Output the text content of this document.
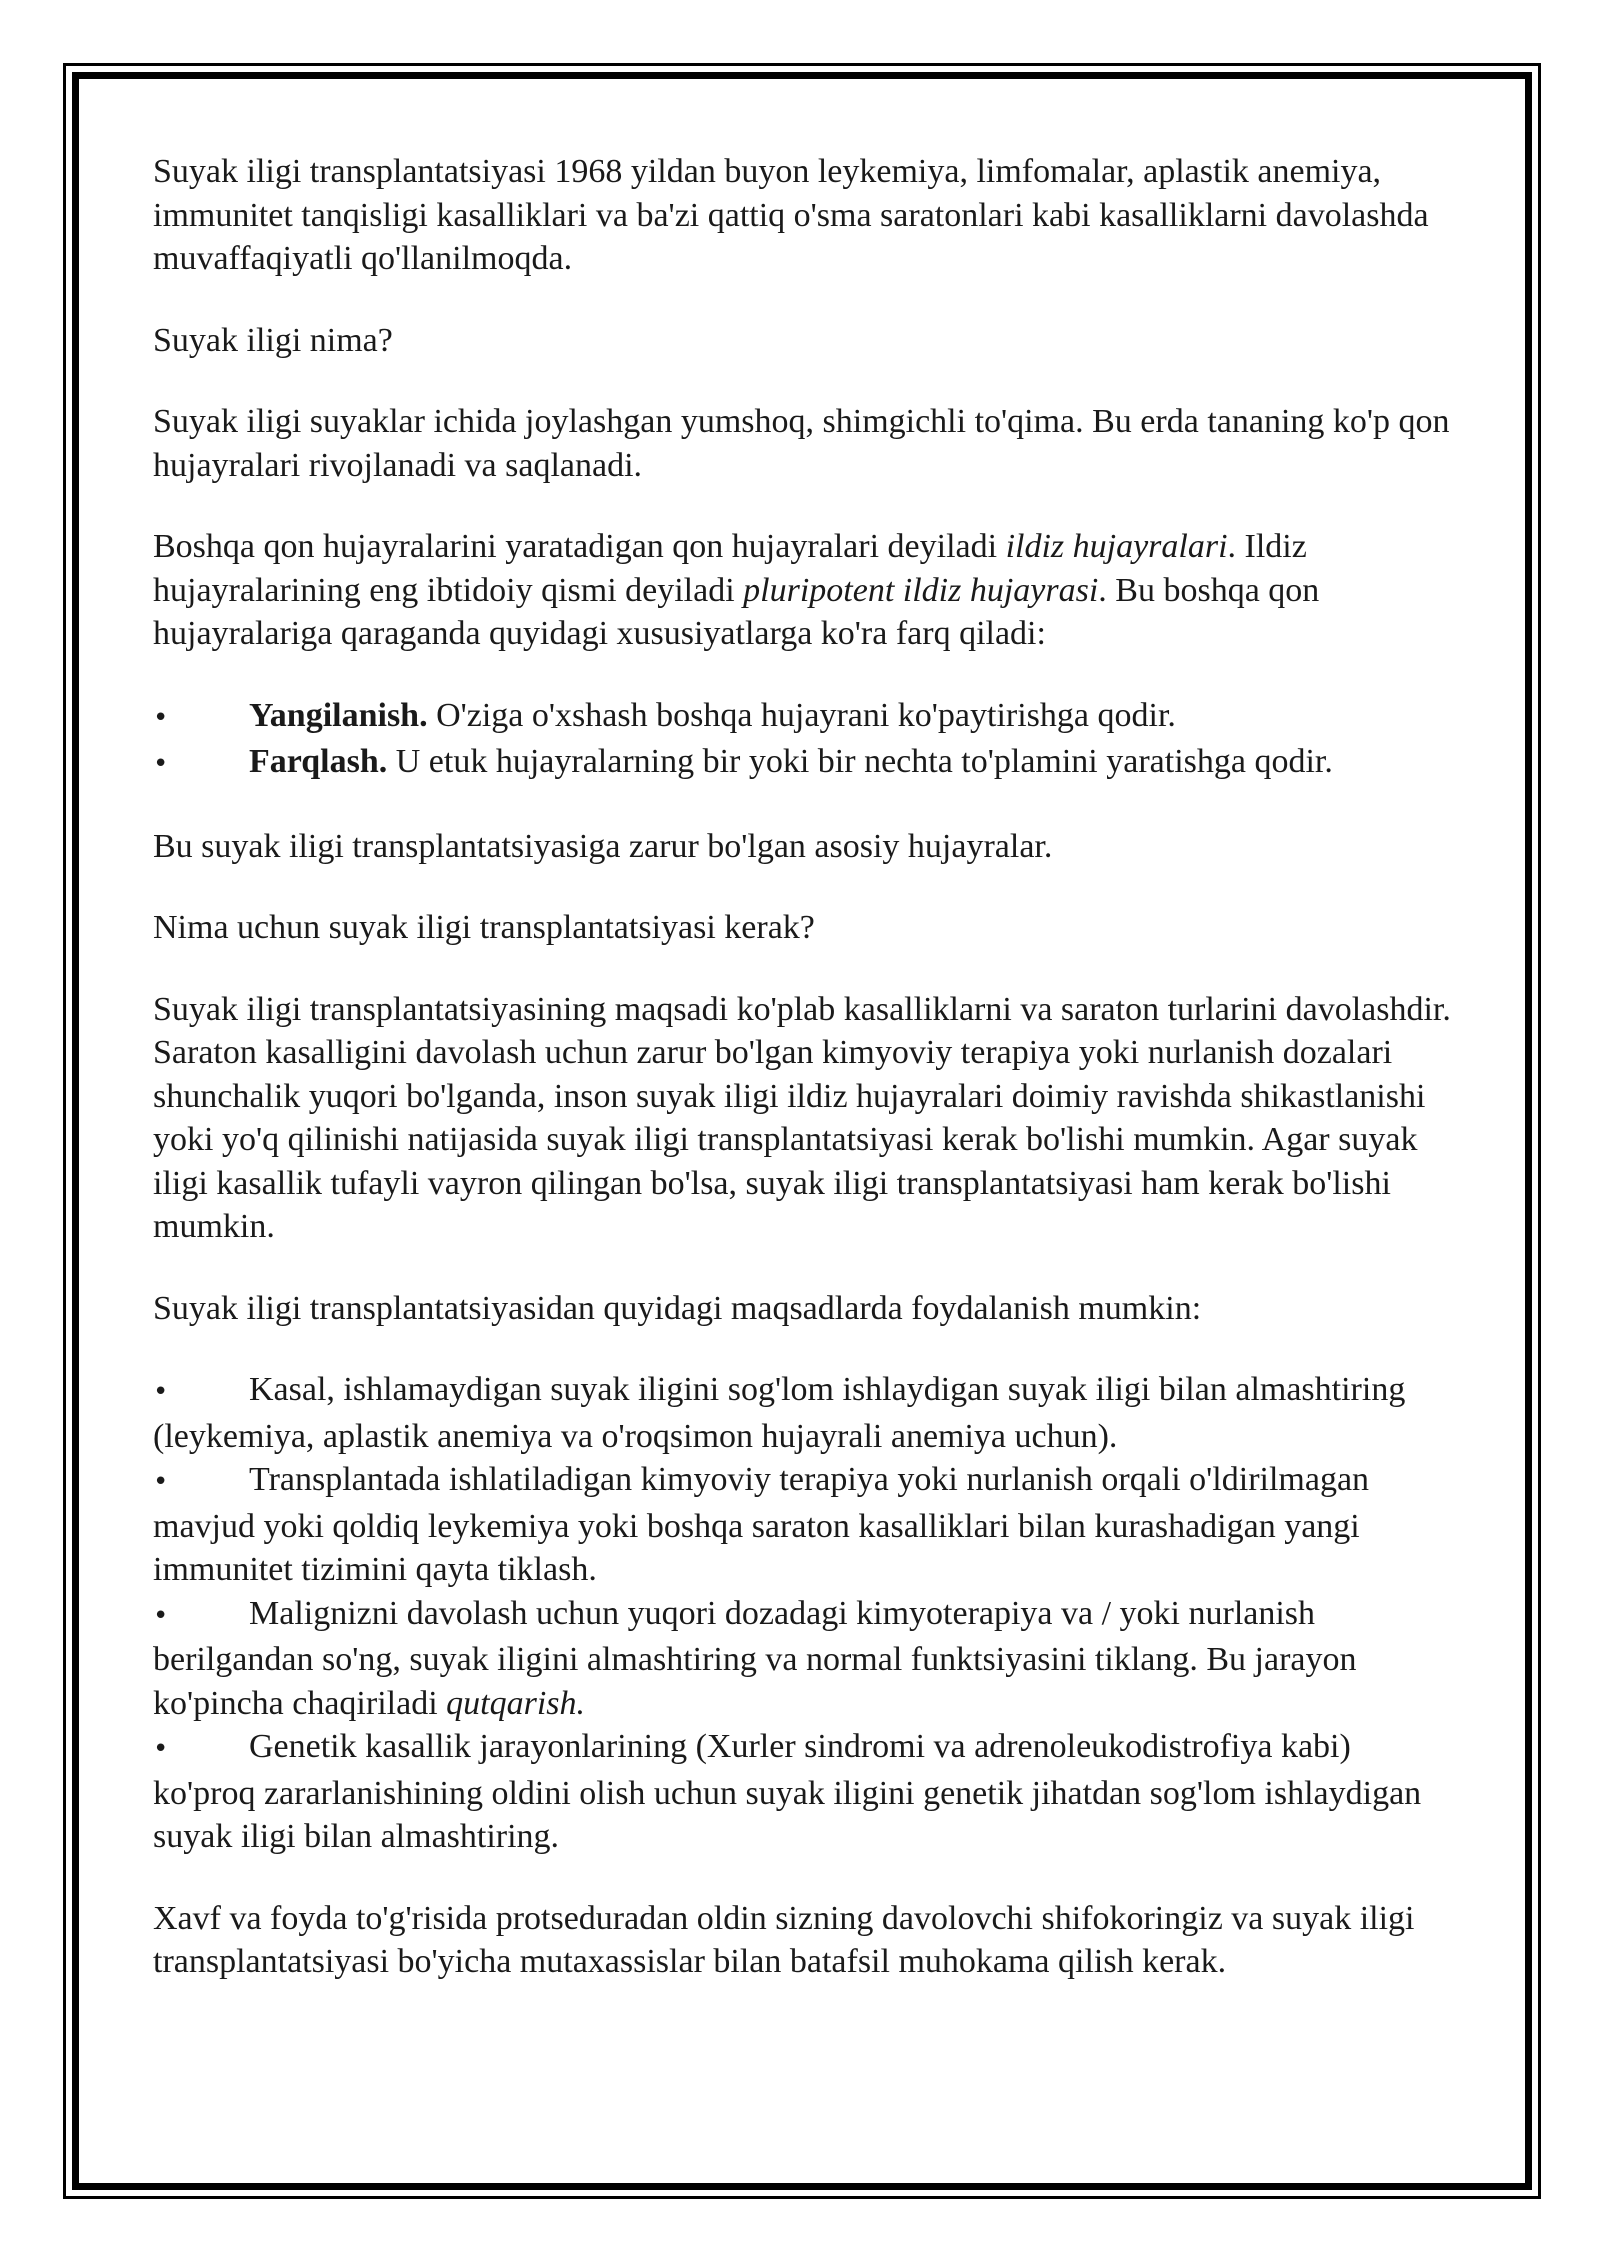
Suyak iligi transplantatsiyasi 1968 yildan buyon leykemiya, limfomalar, aplastik anemiya, immunitet tanqisligi kasalliklari va ba'zi qattiq o'sma saratonlari kabi kasalliklarni davolashda muvaffaqiyatli qo'llanilmoqda.

Suyak iligi nima?

Suyak iligi suyaklar ichida joylashgan yumshoq, shimgichli to'qima. Bu erda tananing ko'p qon hujayralari rivojlanadi va saqlanadi.

Boshqa qon hujayralarini yaratadigan qon hujayralari deyiladi ildiz hujayralari. Ildiz hujayralarining eng ibtidoiy qismi deyiladi pluripotent ildiz hujayrasi. Bu boshqa qon hujayralariga qaraganda quyidagi xususiyatlarga ko'ra farq qiladi:

•Yangilanish. O'ziga o'xshash boshqa hujayrani ko'paytirishga qodir.
•Farqlash. U etuk hujayralarning bir yoki bir nechta to'plamini yaratishga qodir.

Bu suyak iligi transplantatsiyasiga zarur bo'lgan asosiy hujayralar.

Nima uchun suyak iligi transplantatsiyasi kerak?

Suyak iligi transplantatsiyasining maqsadi ko'plab kasalliklarni va saraton turlarini davolashdir. Saraton kasalligini davolash uchun zarur bo'lgan kimyoviy terapiya yoki nurlanish dozalari shunchalik yuqori bo'lganda, inson suyak iligi ildiz hujayralari doimiy ravishda shikastlanishi yoki yo'q qilinishi natijasida suyak iligi transplantatsiyasi kerak bo'lishi mumkin. Agar suyak iligi kasallik tufayli vayron qilingan bo'lsa, suyak iligi transplantatsiyasi ham kerak bo'lishi mumkin.

Suyak iligi transplantatsiyasidan quyidagi maqsadlarda foydalanish mumkin:

•Kasal, ishlamaydigan suyak iligini sog'lom ishlaydigan suyak iligi bilan almashtiring (leykemiya, aplastik anemiya va o'roqsimon hujayrali anemiya uchun).
•Transplantada ishlatiladigan kimyoviy terapiya yoki nurlanish orqali o'ldirilmagan mavjud yoki qoldiq leykemiya yoki boshqa saraton kasalliklari bilan kurashadigan yangi immunitet tizimini qayta tiklash.
•Malignizni davolash uchun yuqori dozadagi kimyoterapiya va / yoki nurlanish berilgandan so'ng, suyak iligini almashtiring va normal funktsiyasini tiklang. Bu jarayon ko'pincha chaqiriladi qutqarish.
•Genetik kasallik jarayonlarining (Xurler sindromi va adrenoleukodistrofiya kabi) ko'proq zararlanishining oldini olish uchun suyak iligini genetik jihatdan sog'lom ishlaydigan suyak iligi bilan almashtiring.

Xavf va foyda to'g'risida protseduradan oldin sizning davolovchi shifokoringiz va suyak iligi transplantatsiyasi bo'yicha mutaxassislar bilan batafsil muhokama qilish kerak.
